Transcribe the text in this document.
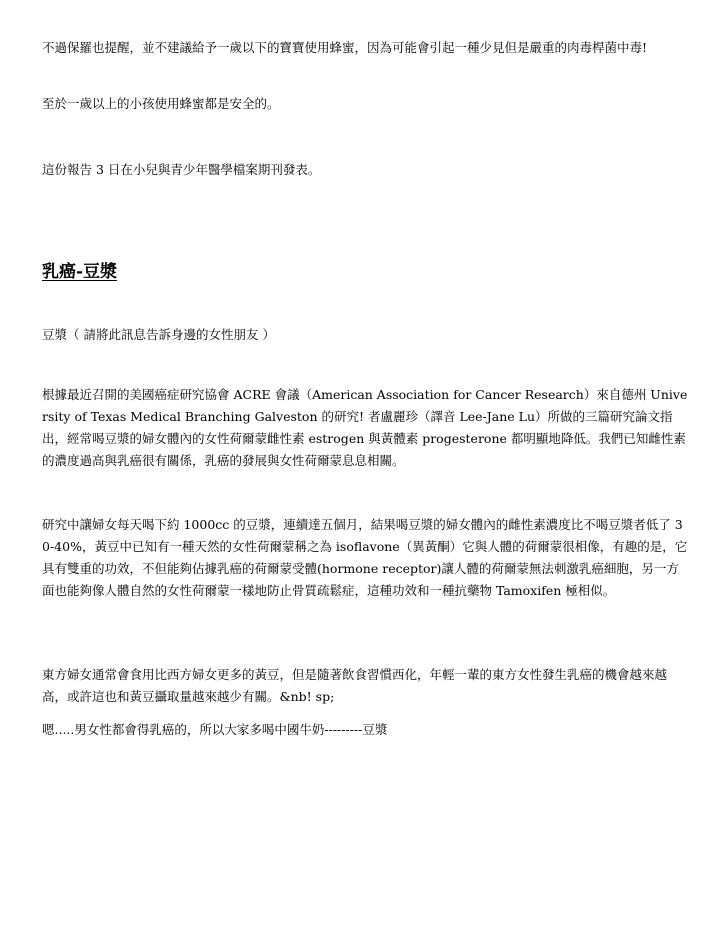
不過保羅也提醒，並不建議給予一歲以下的寶寶使用蜂蜜，因為可能會引起一種少見但是嚴重的肉毒桿菌中毒!

至於一歲以上的小孩使用蜂蜜都是安全的。

這份報告 3 日在小兒與青少年醫學檔案期刊發表。

乳癌-豆漿

豆漿（ 請將此訊息告訴身邊的女性朋友 ）

根據最近召開的美國癌症研究協會 ACRE 會議（American Association for Cancer Research）來自德州 University of Texas Medical Branching Galveston 的研究! 者盧麗珍（譯音 Lee-Jane Lu）所做的三篇研究論文指出，經常喝豆漿的婦女體內的女性荷爾蒙雌性素 estrogen 與黃體素 progesterone 都明顯地降低。我們已知雌性素的濃度過高與乳癌很有關係，乳癌的發展與女性荷爾蒙息息相關。

研究中讓婦女每天喝下約 1000cc 的豆漿，連續達五個月，結果喝豆漿的婦女體內的雌性素濃度比不喝豆漿者低了 30-40%，黃豆中已知有一種天然的女性荷爾蒙稱之為 isoflavone（異黃酮）它與人體的荷爾蒙很相像，有趣的是，它具有雙重的功效，不但能夠佔據乳癌的荷爾蒙受體(hormone receptor)讓人體的荷爾蒙無法刺激乳癌細胞，另一方面也能夠像人體自然的女性荷爾蒙一樣地防止骨質疏鬆症，這種功效和一種抗藥物 Tamoxifen 極相似。

東方婦女通常會食用比西方婦女更多的黃豆，但是隨著飲食習慣西化，年輕一輩的東方女性發生乳癌的機會越來越高，或許這也和黃豆攝取量越來越少有關。&nb! sp;

嗯.....男女性都會得乳癌的，所以大家多喝中國牛奶---------豆漿
